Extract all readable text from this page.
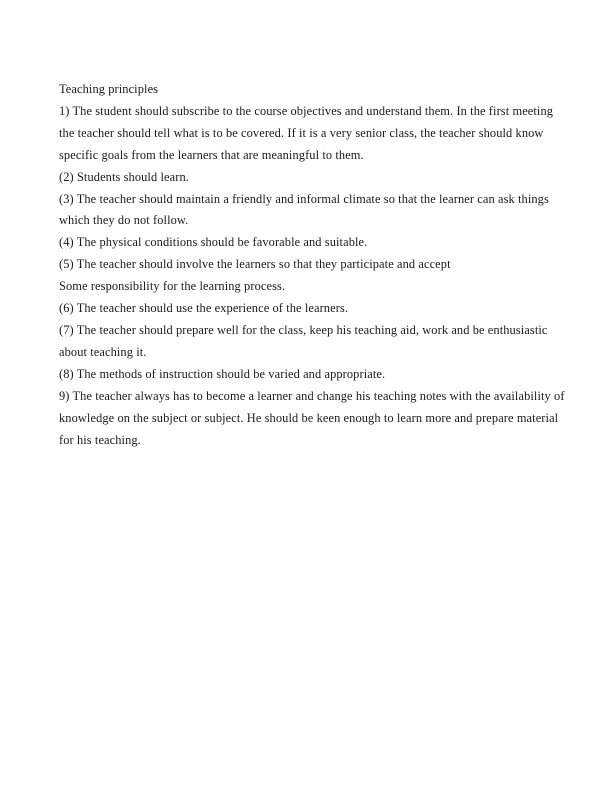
Teaching principles
1) The student should subscribe to the course objectives and understand them. In the first meeting
the teacher should tell what is to be covered. If it is a very senior class, the teacher should know
specific goals from the learners that are meaningful to them.
(2) Students should learn.
(3) The teacher should maintain a friendly and informal climate so that the learner can ask things
which they do not follow.
(4) The physical conditions should be favorable and suitable.
(5) The teacher should involve the learners so that they participate and accept
Some responsibility for the learning process.
(6) The teacher should use the experience of the learners.
(7) The teacher should prepare well for the class, keep his teaching aid, work and be enthusiastic
about teaching it.
(8) The methods of instruction should be varied and appropriate.
9) The teacher always has to become a learner and change his teaching notes with the availability of
knowledge on the subject or subject. He should be keen enough to learn more and prepare material
for his teaching.
